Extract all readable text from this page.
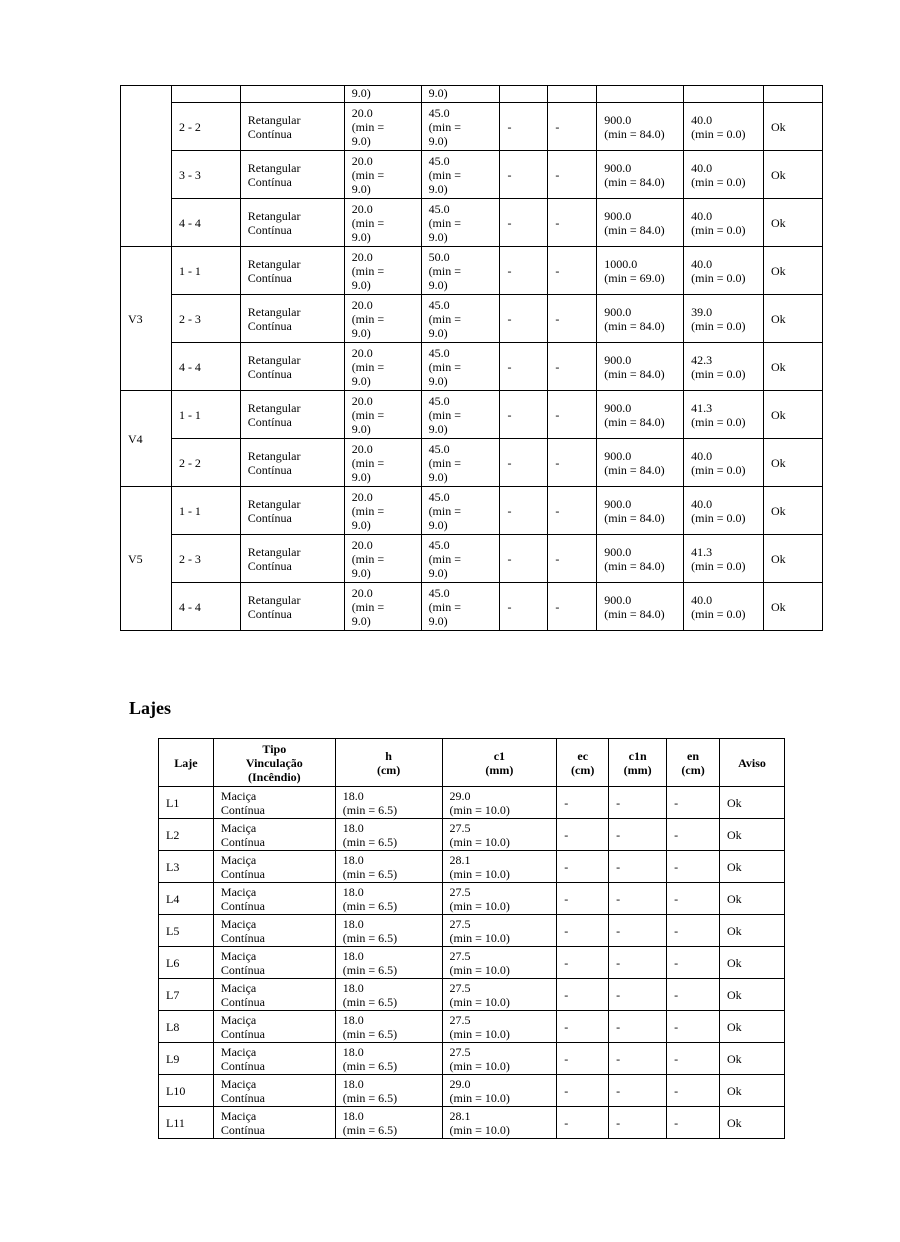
			9.0)	9.0)					
	2 - 2	Retangular
Contínua	20.0
(min =
9.0)	45.0
(min =
9.0)	-	-	900.0
(min = 84.0)	40.0
(min = 0.0)	Ok
	3 - 3	Retangular
Contínua	20.0
(min =
9.0)	45.0
(min =
9.0)	-	-	900.0
(min = 84.0)	40.0
(min = 0.0)	Ok
	4 - 4	Retangular
Contínua	20.0
(min =
9.0)	45.0
(min =
9.0)	-	-	900.0
(min = 84.0)	40.0
(min = 0.0)	Ok
V3	1 - 1	Retangular
Contínua	20.0
(min =
9.0)	50.0
(min =
9.0)	-	-	1000.0
(min = 69.0)	40.0
(min = 0.0)	Ok
	2 - 3	Retangular
Contínua	20.0
(min =
9.0)	45.0
(min =
9.0)	-	-	900.0
(min = 84.0)	39.0
(min = 0.0)	Ok
	4 - 4	Retangular
Contínua	20.0
(min =
9.0)	45.0
(min =
9.0)	-	-	900.0
(min = 84.0)	42.3
(min = 0.0)	Ok
V4	1 - 1	Retangular
Contínua	20.0
(min =
9.0)	45.0
(min =
9.0)	-	-	900.0
(min = 84.0)	41.3
(min = 0.0)	Ok
	2 - 2	Retangular
Contínua	20.0
(min =
9.0)	45.0
(min =
9.0)	-	-	900.0
(min = 84.0)	40.0
(min = 0.0)	Ok
V5	1 - 1	Retangular
Contínua	20.0
(min =
9.0)	45.0
(min =
9.0)	-	-	900.0
(min = 84.0)	40.0
(min = 0.0)	Ok
	2 - 3	Retangular
Contínua	20.0
(min =
9.0)	45.0
(min =
9.0)	-	-	900.0
(min = 84.0)	41.3
(min = 0.0)	Ok
	4 - 4	Retangular
Contínua	20.0
(min =
9.0)	45.0
(min =
9.0)	-	-	900.0
(min = 84.0)	40.0
(min = 0.0)	Ok
Lajes
Laje	Tipo
Vinculação
(Incêndio)	h
(cm)	c1
(mm)	ec
(cm)	c1n
(mm)	en
(cm)	Aviso
L1	Maciça
Contínua	18.0
(min = 6.5)	29.0
(min = 10.0)	-	-	-	Ok
L2	Maciça
Contínua	18.0
(min = 6.5)	27.5
(min = 10.0)	-	-	-	Ok
L3	Maciça
Contínua	18.0
(min = 6.5)	28.1
(min = 10.0)	-	-	-	Ok
L4	Maciça
Contínua	18.0
(min = 6.5)	27.5
(min = 10.0)	-	-	-	Ok
L5	Maciça
Contínua	18.0
(min = 6.5)	27.5
(min = 10.0)	-	-	-	Ok
L6	Maciça
Contínua	18.0
(min = 6.5)	27.5
(min = 10.0)	-	-	-	Ok
L7	Maciça
Contínua	18.0
(min = 6.5)	27.5
(min = 10.0)	-	-	-	Ok
L8	Maciça
Contínua	18.0
(min = 6.5)	27.5
(min = 10.0)	-	-	-	Ok
L9	Maciça
Contínua	18.0
(min = 6.5)	27.5
(min = 10.0)	-	-	-	Ok
L10	Maciça
Contínua	18.0
(min = 6.5)	29.0
(min = 10.0)	-	-	-	Ok
L11	Maciça
Contínua	18.0
(min = 6.5)	28.1
(min = 10.0)	-	-	-	Ok
